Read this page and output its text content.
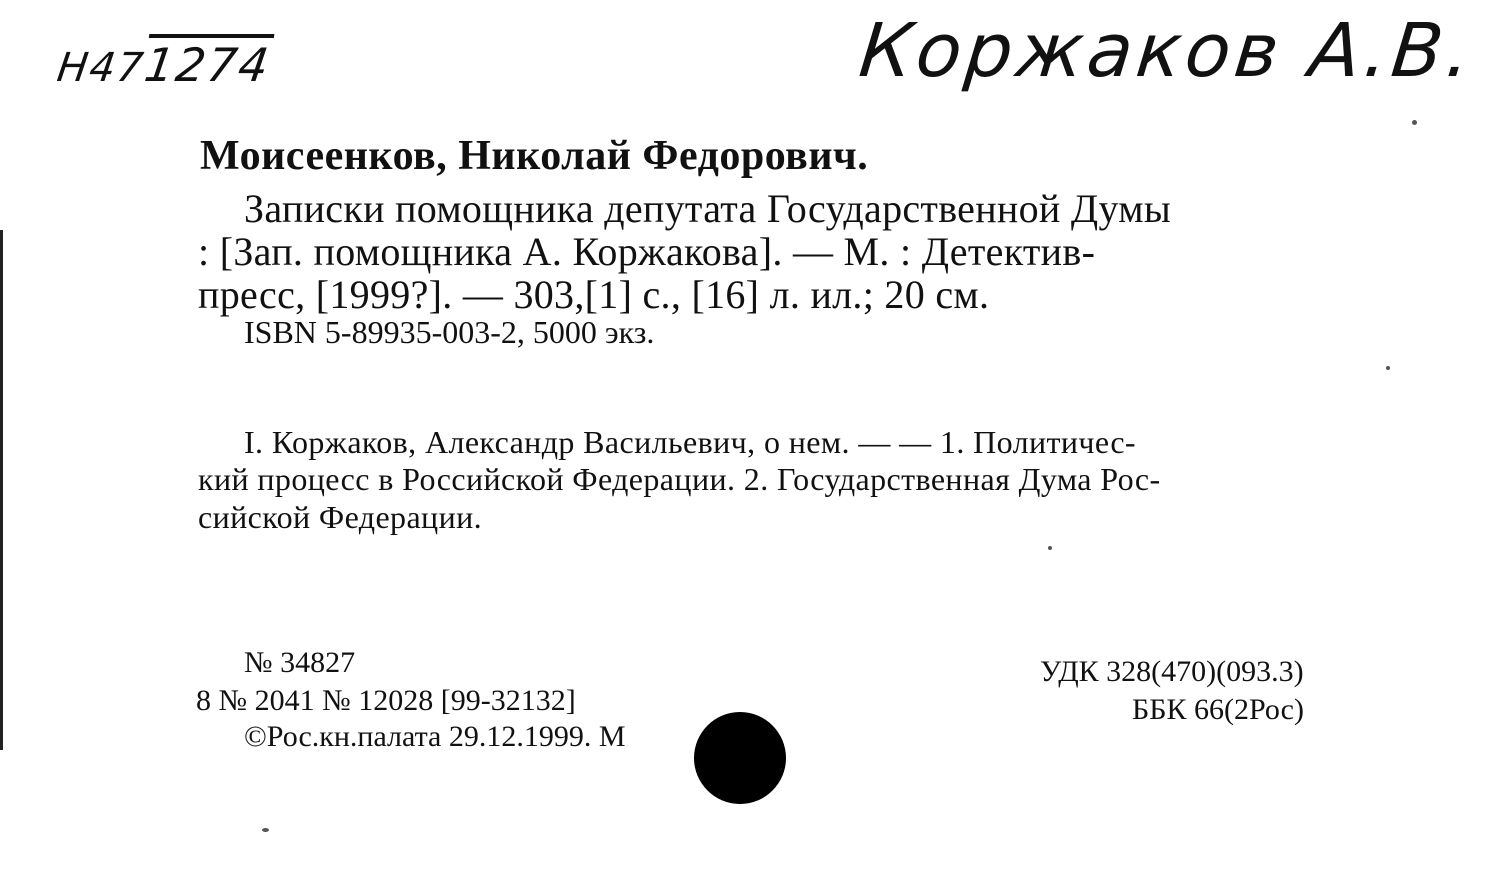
Н471274	Коржаков А.В.
Моисеенков, Николай Федорович.
Записки помощника депутата Государственной Думы
: [Зап. помощника А. Коржакова]. — М. : Детектив-
пресс, [1999?]. — 303,[1] с., [16] л. ил.; 20 см.
ISBN 5-89935-003-2, 5000 экз.
I. Коржаков, Александр Васильевич, о нем. — — 1. Политичес-
кий процесс в Российской Федерации. 2. Государственная Дума Рос-
сийской Федерации.
№ 34827
8 № 2041 № 12028 [99-32132]
©Рос.кн.палата 29.12.1999. М
УДК 328(470)(093.3)
ББК 66(2Рос)
